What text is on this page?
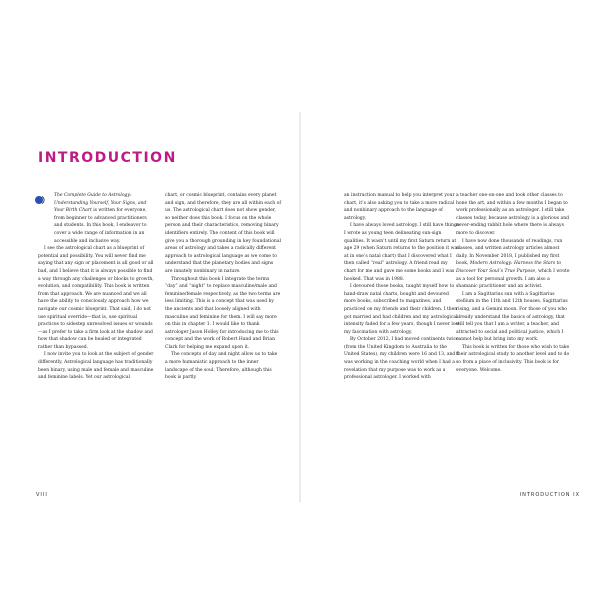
INTRODUCTION

The Complete Guide to Astrology: Understanding Yourself, Your Signs, and Your Birth Chart is written for everyone, from beginner to advanced practitioners and students. In this book, I endeavor to cover a wide range of information in an accessible and inclusive way.

I see the astrological chart as a blueprint of potential and possibility. You will never find me saying that any sign or placement is all good or all bad, and I believe that it is always possible to find a way through any challenges or blocks to growth, evolution, and compatibility. This book is written from that approach. We are nuanced and we all have the ability to consciously approach how we navigate our cosmic blueprint. That said, I do not use spiritual override—that is, use spiritual practices to sidestep unresolved issues or wounds—as I prefer to take a firm look at the shadow and how that shadow can be healed or integrated rather than bypassed.

I now invite you to look at the subject of gender differently. Astrological language has traditionally been binary, using male and female and masculine and feminine labels. Yet our astrological

chart, or cosmic blueprint, contains every planet and sign, and therefore, they are all within each of us. The astrological chart does not show gender, so neither does this book. I focus on the whole person and their characteristics, removing binary identifiers entirely. The content of this book will give you a thorough grounding in key foundational areas of astrology and takes a radically different approach to astrological language as we come to understand that the planetary bodies and signs are innately nonbinary in nature.

Throughout this book I integrate the terms “day” and “night” to replace masculine/male and feminine/female respectively, as the two terms are less limiting. This is a concept that was used by the ancients and that loosely aligned with masculine and feminine for them. I will say more on this in chapter 1. I would like to thank astrologer Jason Holley for introducing me to this concept and the work of Robert Hand and Brian Clark for helping me expand upon it.

The concepts of day and night allow us to take a more humanistic approach to the inner landscape of the soul. Therefore, although this book is partly

VIII

an instruction manual to help you interpret your chart, it’s also asking you to take a more radical and nonbinary approach to the language of astrology.

I have always loved astrology. I still have things I wrote as young teen delineating sun-sign qualities. It wasn’t until my first Saturn return at age 29 (when Saturn returns to the position it was at in one’s natal chart) that I discovered what I then called “real” astrology. A friend read my chart for me and gave me some books and I was hooked. That was in 1988.

I devoured those books, taught myself how to hand-draw natal charts, bought and devoured more books, subscribed to magazines, and practiced on my friends and their children. I then got married and had children and my astrological intensity faded for a few years, though I never lost my fascination with astrology.

By October 2012, I had moved continents twice (from the United Kingdom to Australia to the United States), my children were 16 and 13, and I was working in the coaching world when I had a revelation that my purpose was to work as a professional astrologer. I worked with

a teacher one-on-one and took other classes to hone the art, and within a few months I began to work professionally as an astrologer. I still take classes today, because astrology is a glorious and never-ending rabbit hole where there is always more to discover.

I have now done thousands of readings, run classes, and written astrology articles almost daily. In November 2018, I published my first book, Modern Astrology: Harness the Stars to Discover Your Soul’s True Purpose, which I wrote as a tool for personal growth. I am also a shamanic practitioner and an activist.

I am a Sagittarius sun with a Sagittarius stellium in the 11th and 12th houses, Sagittarius rising, and a Gemini moon. For those of you who already understand the basics of astrology, that will tell you that I am a writer, a teacher, and attracted to social and political justice, which I cannot help but bring into my work.

This book is written for those who wish to take their astrological study to another level and to do so from a place of inclusivity. This book is for everyone. Welcome.

INTRODUCTION IX
